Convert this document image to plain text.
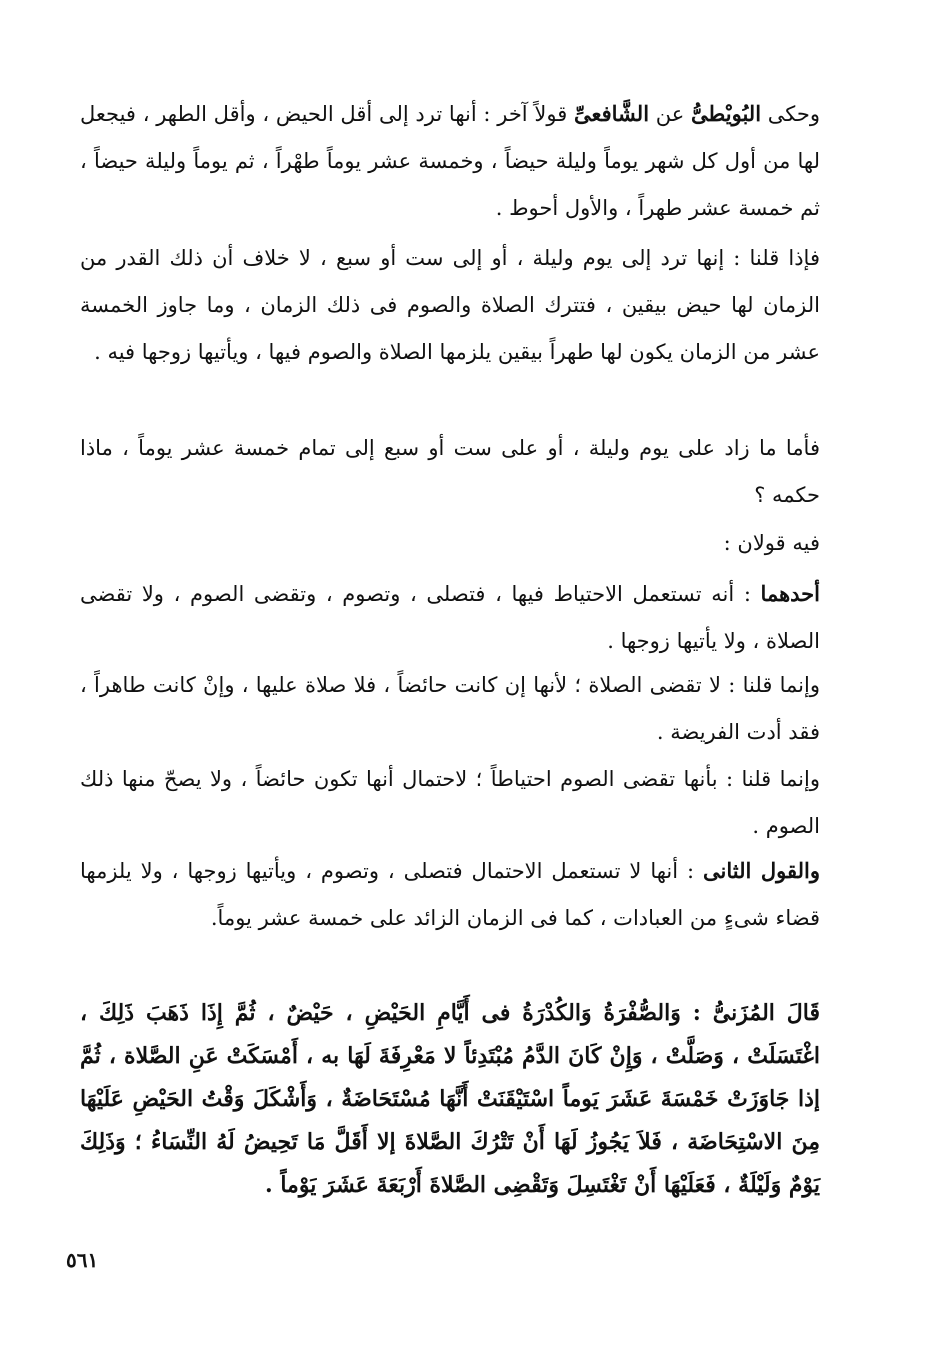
وحكى البُويْطىُّ عن الشَّافعىِّ قولاً آخر : أنها ترد إلى أقل الحيض ، وأقل الطهر ، فيجعل لها من أول كل شهر يوماً وليلة حيضاً ، وخمسة عشر يوماً طهْراً ، ثم يوماً وليلة حيضاً ، ثم خمسة عشر طهراً ، والأول أحوط .

فإذا قلنا : إنها ترد إلى يوم وليلة ، أو إلى ست أو سبع ، لا خلاف أن ذلك القدر من الزمان لها حيض بيقين ، فتترك الصلاة والصوم فى ذلك الزمان ، وما جاوز الخمسة عشر من الزمان يكون لها طهراً بيقين يلزمها الصلاة والصوم فيها ، ويأتيها زوجها فيه .

فأما ما زاد على يوم وليلة ، أو على ست أو سبع إلى تمام خمسة عشر يوماً ، ماذا حكمه ؟

فيه قولان :

أحدهما : أنه تستعمل الاحتياط فيها ، فتصلى ، وتصوم ، وتقضى الصوم ، ولا تقضى الصلاة ، ولا يأتيها زوجها .

وإنما قلنا : لا تقضى الصلاة ؛ لأنها إن كانت حائضاً ، فلا صلاة عليها ، وإنْ كانت طاهراً ، فقد أدت الفريضة .

وإنما قلنا : بأنها تقضى الصوم احتياطاً ؛ لاحتمال أنها تكون حائضاً ، ولا يصحّ منها ذلك الصوم .

والقول الثانى : أنها لا تستعمل الاحتمال فتصلى ، وتصوم ، ويأتيها زوجها ، ولا يلزمها قضاء شىءٍ من العبادات ، كما فى الزمان الزائد على خمسة عشر يوماً.

قَالَ المُزَنىُّ : وَالصُّفْرَةُ وَالكُدْرَةُ فى أَيَّامِ الحَيْضِ ، حَيْضٌ ، ثُمَّ إِذَا ذَهَبَ ذَلِكَ ، اغْتَسَلَتْ ، وَصَلَّتْ ، وَإِنْ كَانَ الدَّمُ مُبْتَدِئاً لا مَعْرِفَةَ لَهَا به ، أَمْسَكَتْ عَنِ الصَّلاة ، ثُمَّ إذا جَاوَزَتْ خَمْسَةَ عَشَرَ يَوماً اسْتَيْقَنَتْ أَنَّهَا مُسْتَحَاضَةٌ ، وَأَشْكَلَ وَقْتُ الحَيْضِ عَلَيْهَا مِنَ الاسْتِحَاضَة ، فَلاَ يَجُوزُ لَهَا أَنْ تَتْرُكَ الصَّلاةَ إلا أَقَلَّ مَا تَحِيضُ لَهُ النِّسَاءُ ؛ وَذَلِكَ يَوْمٌ وَلَيْلَةٌ ، فَعَلَيْهَا أَنْ تَغْتَسِلَ وَتَقْضِى الصَّلاةَ أَرْبَعَةَ عَشَرَ يَوْماً .

٥٦١
